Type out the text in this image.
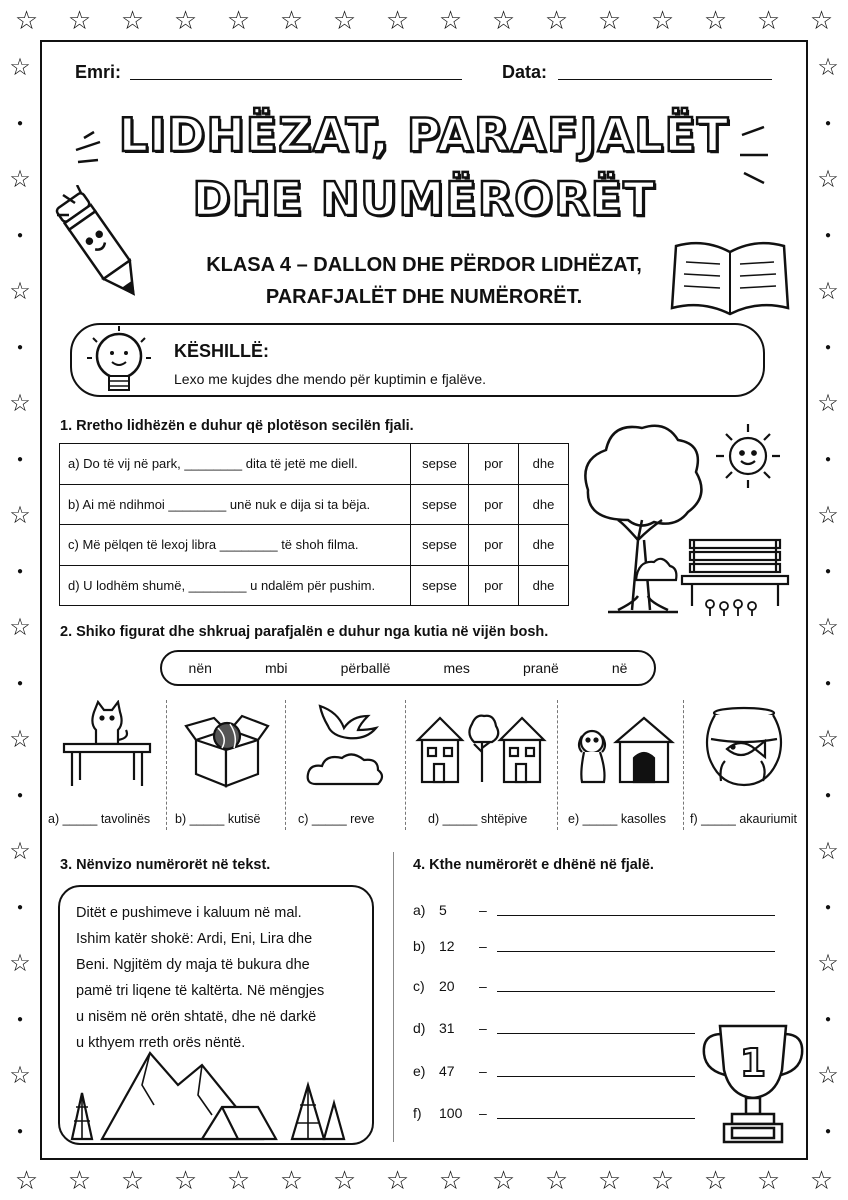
☆ ☆ ☆ ☆ ☆ ☆ ☆ ☆ ☆ ☆ ☆ ☆ ☆ ☆ ☆ ☆
☆ ☆ ☆ ☆ ☆ ☆ ☆ ☆ ☆ ☆ ☆ ☆ ☆ ☆ ☆ ☆
☆
●
☆
●
☆
●
☆
●
☆
●
☆
●
☆
●
☆
●
☆
●
☆
●
☆
●
☆
●
☆
●
☆
●
☆
●
☆
●
☆
●
☆
●
☆
●
☆
●
Emri:	Data:
LIDHËZAT, PARAFJALËT
DHE NUMËRORËT
KLASA 4 – DALLON DHE PËRDOR LIDHËZAT,
PARAFJALËT DHE NUMËRORËT.
KËSHILLË:
Lexo me kujdes dhe mendo për kuptimin e fjalëve.
1. Rretho lidhëzën e duhur që plotëson secilën fjali.
a) Do të vij në park, ________ dita të jetë me diell.	sepse	por	dhe
b) Ai më ndihmoi ________ unë nuk e dija si ta bëja.	sepse	por	dhe
c) Më pëlqen të lexoj libra ________ të shoh filma.	sepse	por	dhe
d) U lodhëm shumë, ________ u ndalëm për pushim.	sepse	por	dhe
2. Shiko figurat dhe shkruaj parafjalën e duhur nga kutia në vijën bosh.
nën	mbi	përballë	mes	pranë	në
a) _____ tavolinës b) _____ kutisë	c) _____ reve	d) _____ shtëpive	e) _____ kasolles f) _____ akauriumit
3. Nënvizo numërorët në tekst.
Ditët e pushimeve i kaluum në mal.
Ishim katër shokë: Ardi, Eni, Lira dhe
Beni. Ngjitëm dy maja të bukura dhe
pamë tri liqene të kaltërta. Në mëngjes
u nisëm në orën shtatë, dhe në darkë
u kthyem rreth orës nëntë.
4. Kthe numërorët e dhënë në fjalë.
a) 5 –
b) 12 –
c) 20 –
d) 31 –
e) 47 –
f) 100 –
1
